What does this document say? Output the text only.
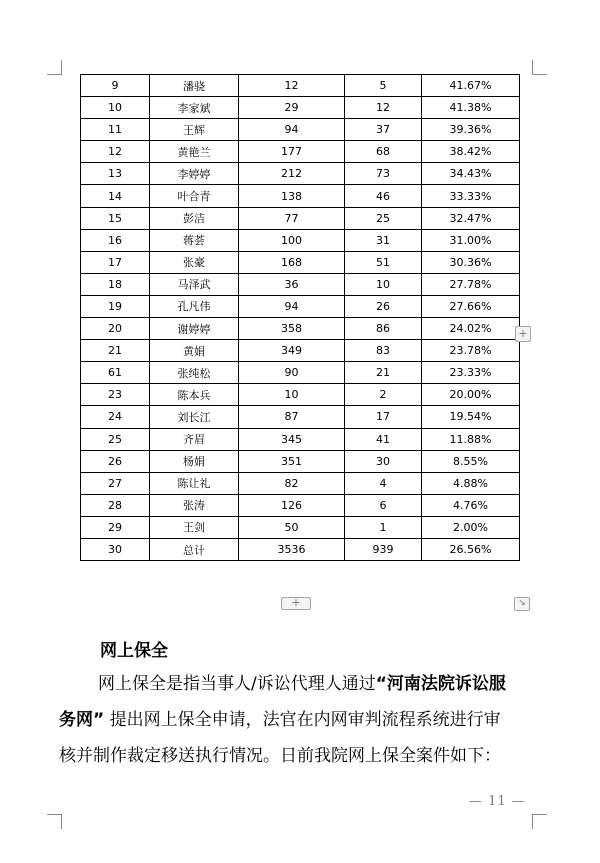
9	潘骁	12	5	41.67%
10	李家斌	29	12	41.38%
11	王辉	94	37	39.36%
12	黄艳兰	177	68	38.42%
13	李婷婷	212	73	34.43%
14	叶合青	138	46	33.33%
15	彭洁	77	25	32.47%
16	蒋荟	100	31	31.00%
17	张豪	168	51	30.36%
18	马泽武	36	10	27.78%
19	孔凡伟	94	26	27.66%
20	谢婷婷	358	86	24.02%
21	黄娟	349	83	23.78%
61	张纯松	90	21	23.33%
23	陈本兵	10	2	20.00%
24	刘长江	87	17	19.54%
25	齐眉	345	41	11.88%
26	杨娟	351	30	8.55%
27	陈让礼	82	4	4.88%
28	张涛	126	6	4.76%
29	王剑	50	1	2.00%
30	总计	3536	939	26.56%
+
+	↘
网上保全

网上保全是指当事人/诉讼代理人通过“河南法院诉讼服

务网” 提出网上保全申请，法官在内网审判流程系统进行审

核并制作裁定移送执行情况。日前我院网上保全案件如下：

— 11 —
